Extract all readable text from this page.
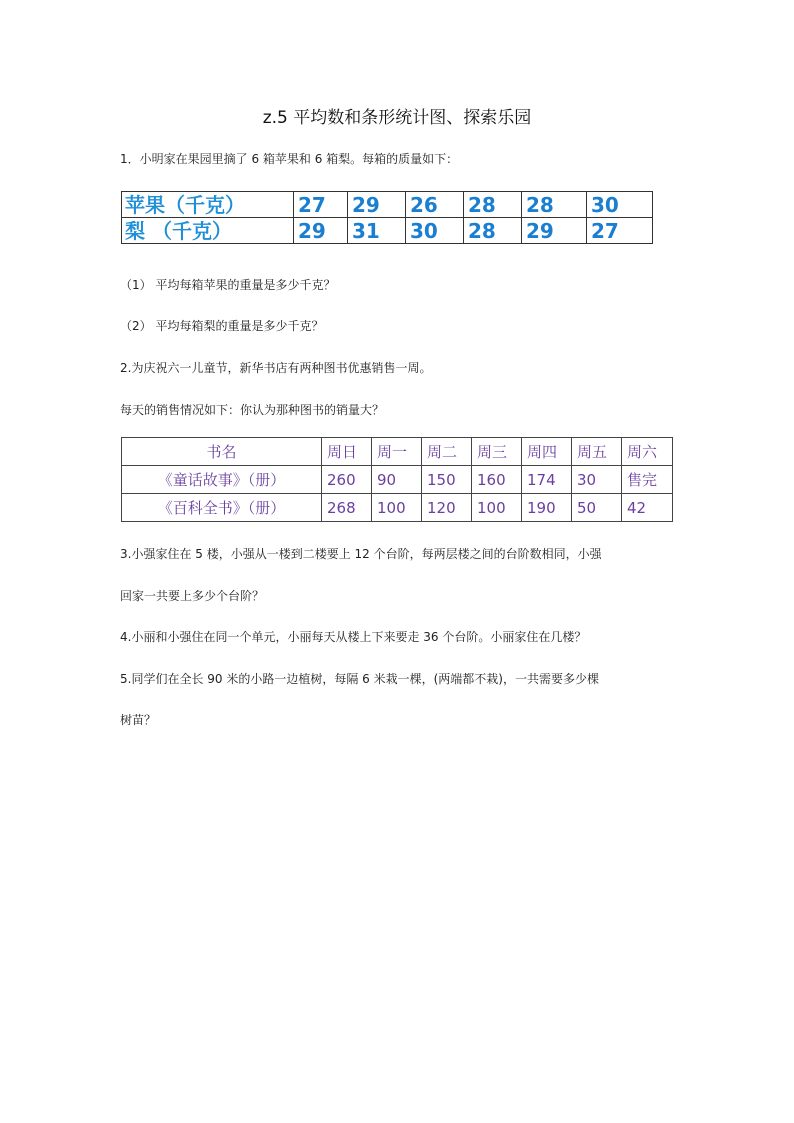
z.5 平均数和条形统计图、探索乐园
1．小明家在果园里摘了 6 箱苹果和 6 箱梨。每箱的质量如下：
苹果（千克）	27	29	26	28	28	30
梨 （千克）	29	31	30	28	29	27
（1） 平均每箱苹果的重量是多少千克？
（2） 平均每箱梨的重量是多少千克？
2.为庆祝六一儿童节，新华书店有两种图书优惠销售一周。
每天的销售情况如下：你认为那种图书的销量大？
书名	周日	周一	周二	周三	周四	周五	周六
《童话故事》（册）	260	90	150	160	174	30	售完
《百科全书》（册）	268	100	120	100	190	50	42
3.小强家住在 5 楼，小强从一楼到二楼要上 12 个台阶，每两层楼之间的台阶数相同，小强
回家一共要上多少个台阶？
4.小丽和小强住在同一个单元，小丽每天从楼上下来要走 36 个台阶。小丽家住在几楼？
5.同学们在全长 90 米的小路一边植树，每隔 6 米栽一棵，(两端都不栽)，一共需要多少棵
树苗？
